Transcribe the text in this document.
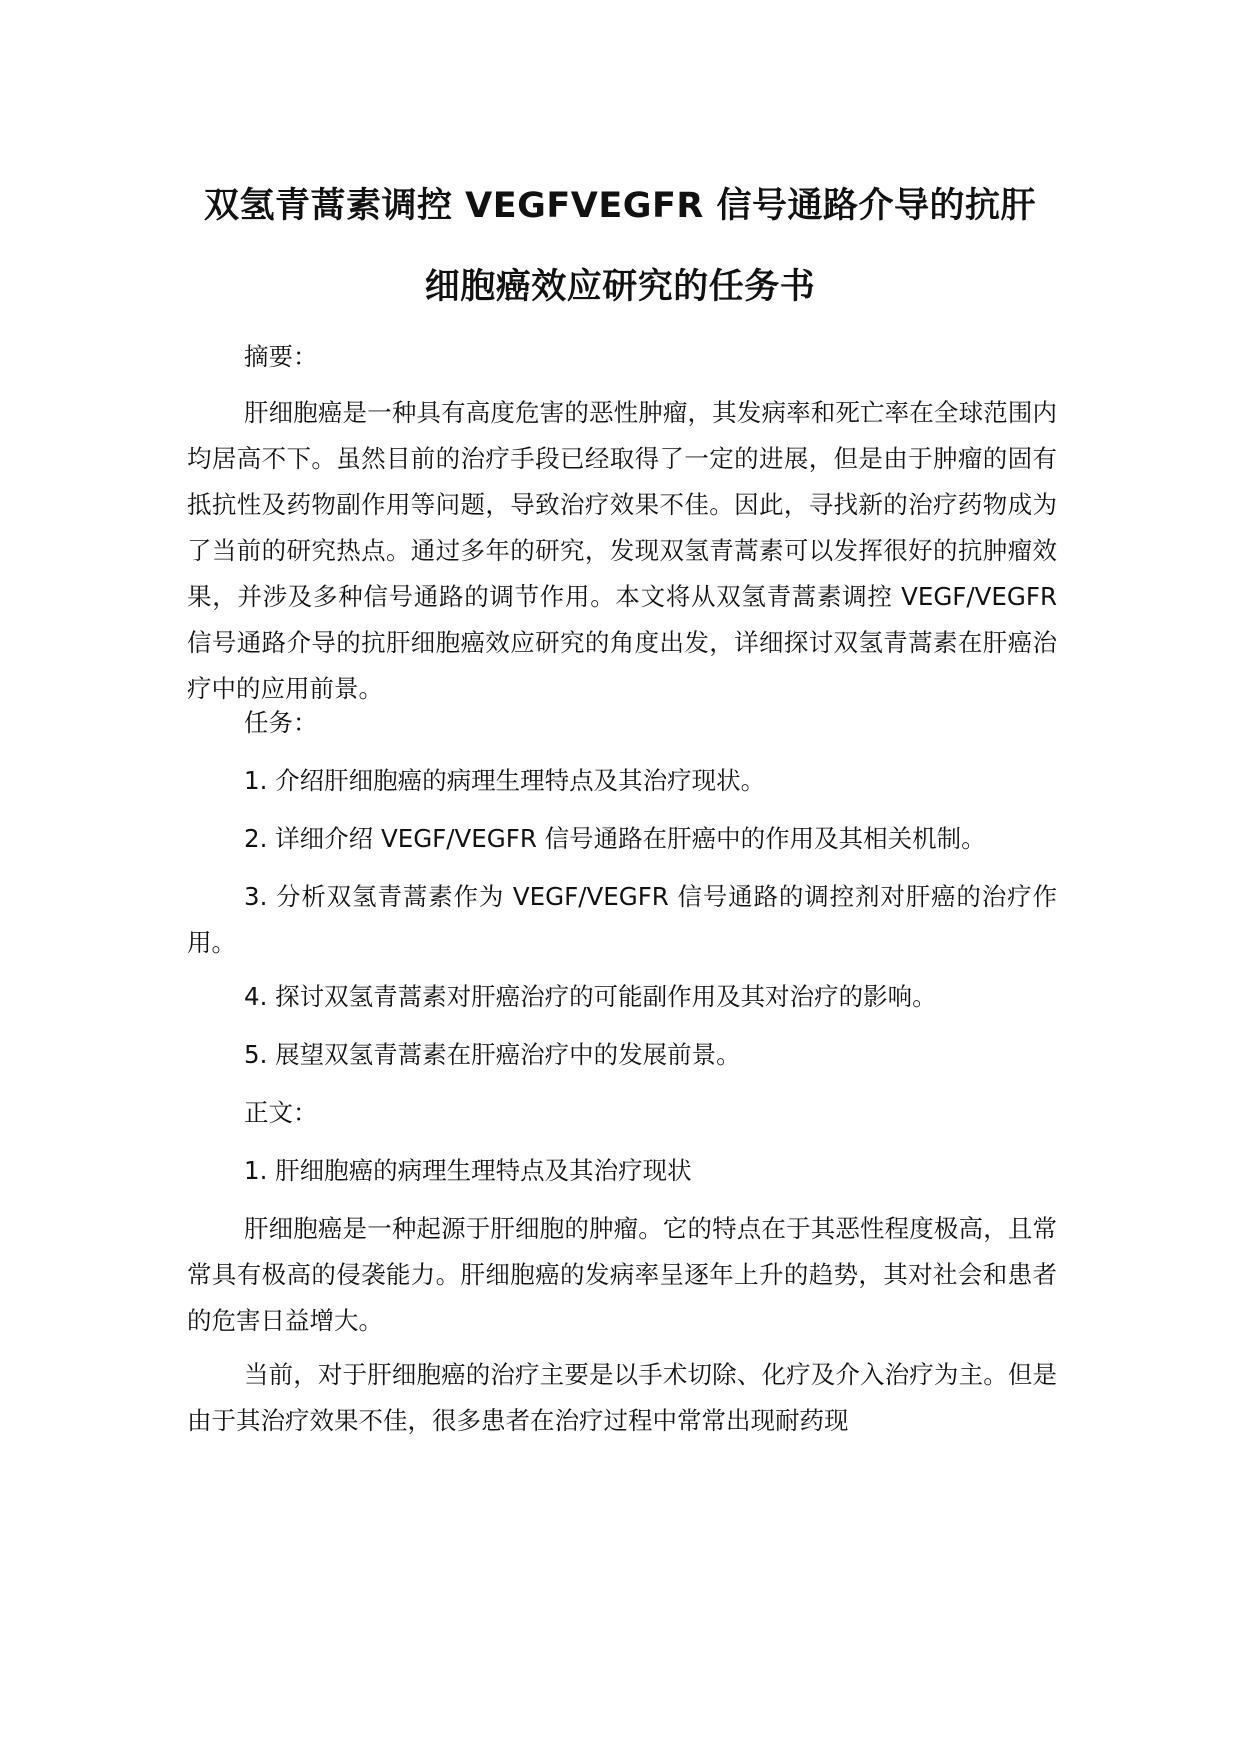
双氢青蒿素调控 VEGFVEGFR 信号通路介导的抗肝
细胞癌效应研究的任务书

摘要：

肝细胞癌是一种具有高度危害的恶性肿瘤，其发病率和死亡率在全球范围内均居高不下。虽然目前的治疗手段已经取得了一定的进展，但是由于肿瘤的固有抵抗性及药物副作用等问题，导致治疗效果不佳。因此，寻找新的治疗药物成为了当前的研究热点。通过多年的研究，发现双氢青蒿素可以发挥很好的抗肿瘤效果，并涉及多种信号通路的调节作用。本文将从双氢青蒿素调控 VEGF/VEGFR 信号通路介导的抗肝细胞癌效应研究的角度出发，详细探讨双氢青蒿素在肝癌治疗中的应用前景。

任务：

1. 介绍肝细胞癌的病理生理特点及其治疗现状。

2. 详细介绍 VEGF/VEGFR 信号通路在肝癌中的作用及其相关机制。

3. 分析双氢青蒿素作为 VEGF/VEGFR 信号通路的调控剂对肝癌的治疗作用。

4. 探讨双氢青蒿素对肝癌治疗的可能副作用及其对治疗的影响。

5. 展望双氢青蒿素在肝癌治疗中的发展前景。

正文：

1. 肝细胞癌的病理生理特点及其治疗现状

肝细胞癌是一种起源于肝细胞的肿瘤。它的特点在于其恶性程度极高，且常常具有极高的侵袭能力。肝细胞癌的发病率呈逐年上升的趋势，其对社会和患者的危害日益增大。

当前，对于肝细胞癌的治疗主要是以手术切除、化疗及介入治疗为主。但是由于其治疗效果不佳，很多患者在治疗过程中常常出现耐药现
